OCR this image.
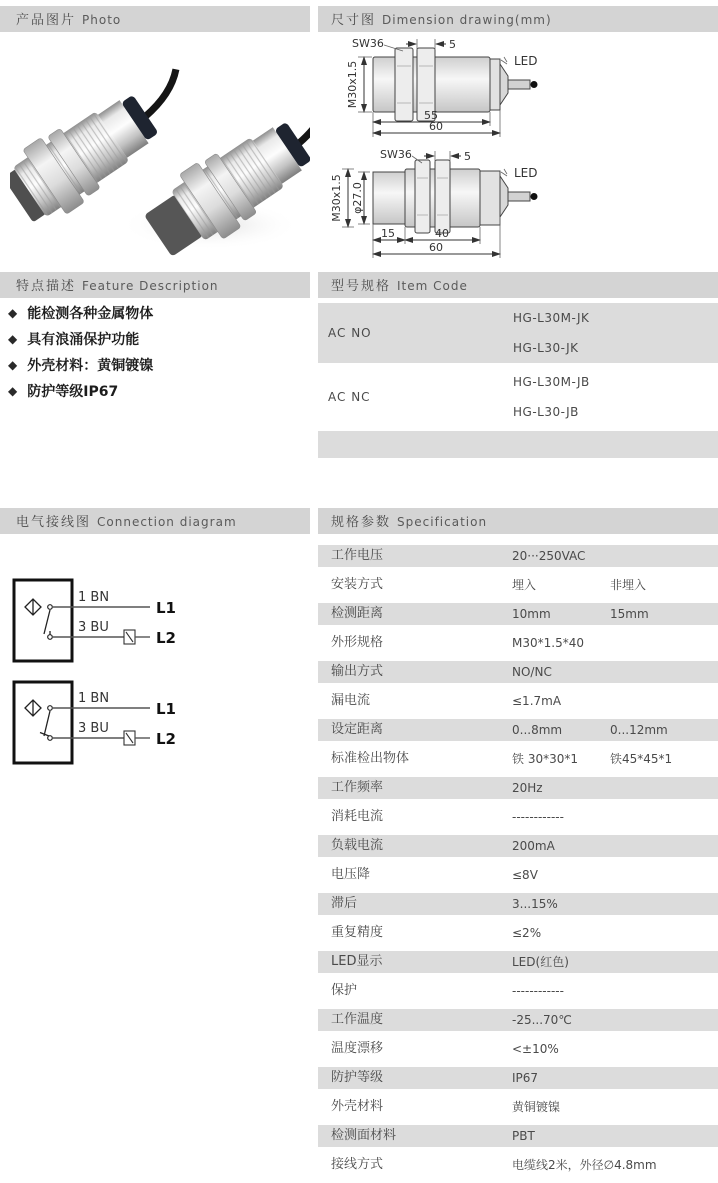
产品图片 Photo	尺寸图 Dimension drawing(mm)
特点描述 Feature Description	型号规格 Item Code
电气接线图 Connection diagram	规格参数 Specification
M30x1.5
SW36	5
LED
55
60
M30x1.5 φ27.0
SW36	5
LED
15	40
60
◆ 能检测各种金属物体
◆ 具有浪涌保护功能
◆ 外壳材料：黄铜镀镍
◆ 防护等级IP67
AC NO
HG-L30M-JK
HG-L30-JK
AC NC
HG-L30M-JB
HG-L30-JB
1 BN
3 BU
L1
L2
1 BN
3 BU
L1
L2
工作电压	20···250VAC
安装方式	埋入	非埋入
检测距离	10mm	15mm
外形规格	M30*1.5*40
输出方式	NO/NC
漏电流	≤1.7mA
设定距离	0...8mm	0...12mm
标准检出物体	铁 30*30*1	铁45*45*1
工作频率	20Hz
消耗电流	------------
负载电流	200mA
电压降	≤8V
滞后	3...15%
重复精度	≤2%
LED显示	LED(红色)
保护	------------
工作温度	-25...70℃
温度漂移	<±10%
防护等级	IP67
外壳材料	黄铜镀镍
检测面材料	PBT
接线方式	电缆线2米，外径∅4.8mm
